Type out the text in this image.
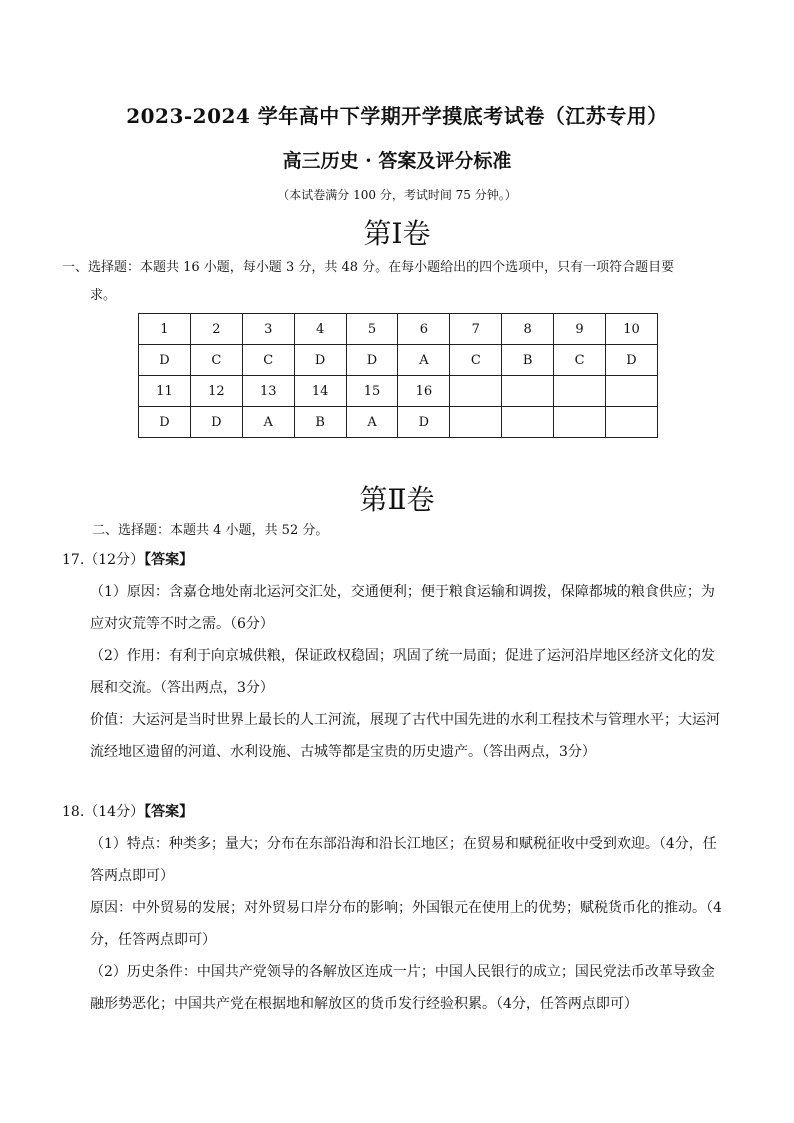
2023-2024 学年高中下学期开学摸底考试卷（江苏专用）
高三历史 · 答案及评分标准
（本试卷满分 100 分，考试时间 75 分钟。）
第Ⅰ卷
一、选择题：本题共 16 小题，每小题 3 分，共 48 分。在每小题给出的四个选项中，只有一项符合题目要
求。
1	2	3	4	5	6	7	8	9	10
D	C	C	D	D	A	C	B	C	D
11	12	13	14	15	16				
D	D	A	B	A	D				
第Ⅱ卷
二、选择题：本题共 4 小题，共 52 分。
17.（12分）【答案】
（1）原因：含嘉仓地处南北运河交汇处，交通便利；便于粮食运输和调拨，保障都城的粮食供应；为
应对灾荒等不时之需。（6分）
（2）作用：有利于向京城供粮，保证政权稳固；巩固了统一局面；促进了运河沿岸地区经济文化的发
展和交流。（答出两点，3分）
价值：大运河是当时世界上最长的人工河流，展现了古代中国先进的水利工程技术与管理水平；大运河
流经地区遗留的河道、水利设施、古城等都是宝贵的历史遗产。（答出两点，3分）
18.（14分）【答案】
（1）特点：种类多；量大；分布在东部沿海和沿长江地区；在贸易和赋税征收中受到欢迎。（4分，任
答两点即可）
原因：中外贸易的发展；对外贸易口岸分布的影响；外国银元在使用上的优势；赋税货币化的推动。（4
分，任答两点即可）
（2）历史条件：中国共产党领导的各解放区连成一片；中国人民银行的成立；国民党法币改革导致金
融形势恶化；中国共产党在根据地和解放区的货币发行经验积累。（4分，任答两点即可）
